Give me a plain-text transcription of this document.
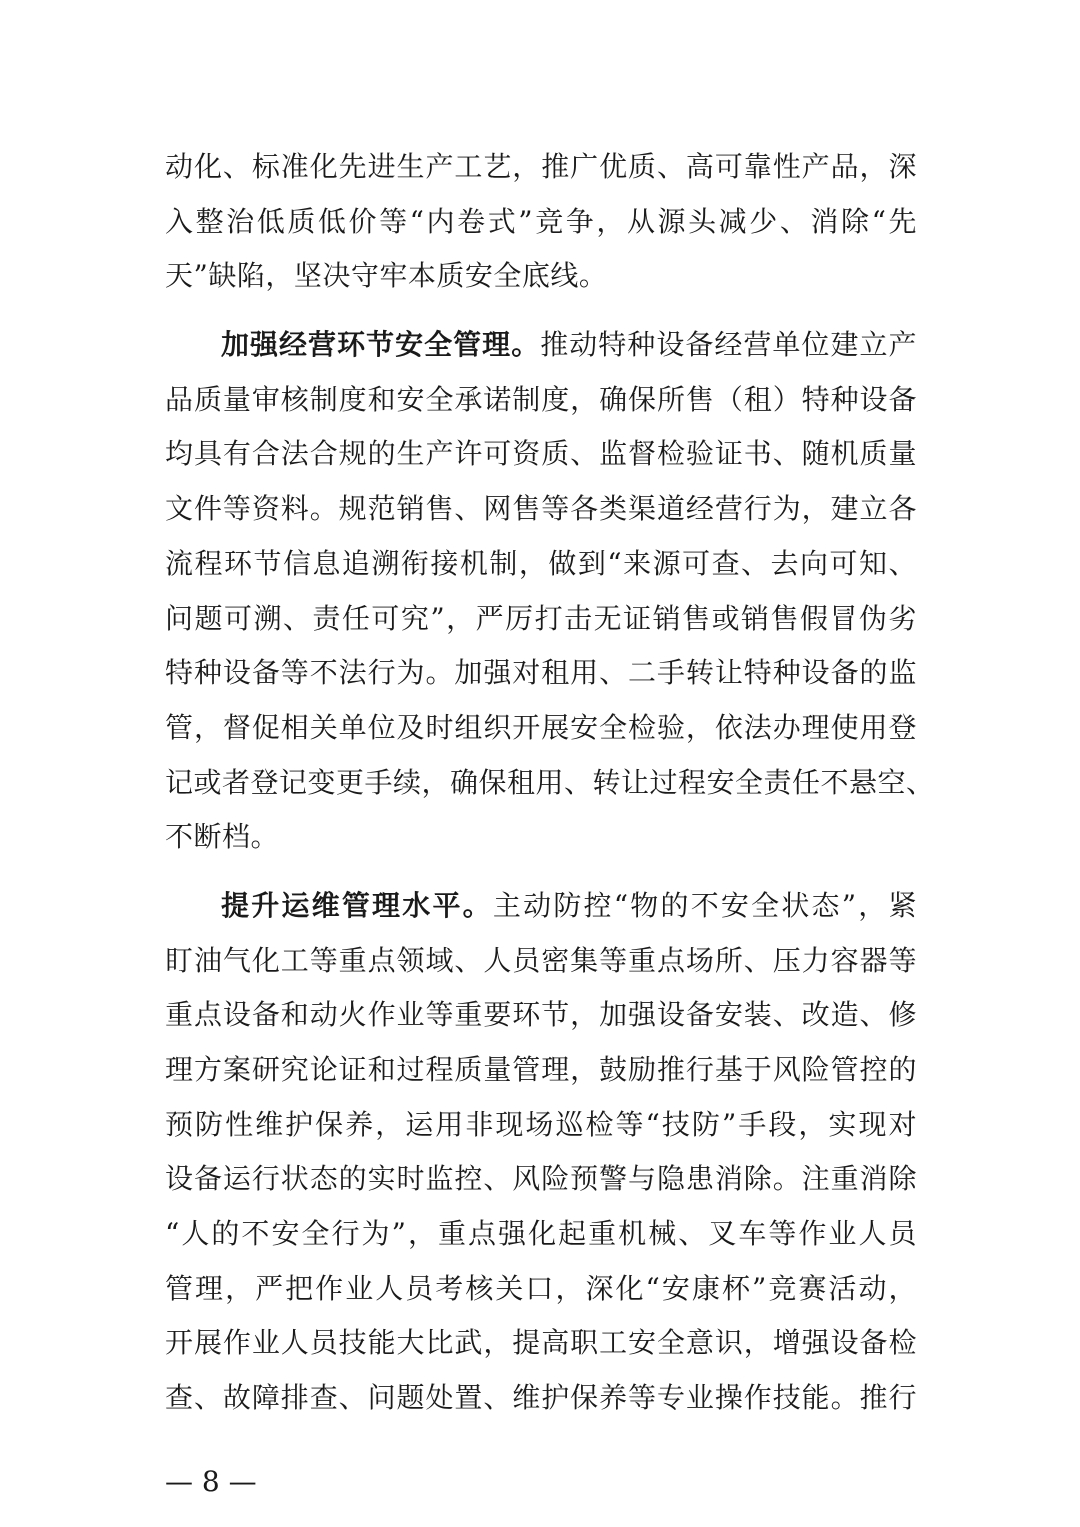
动化、标准化先进生产工艺，推广优质、高可靠性产品，深
入整治低质低价等“内卷式”竞争，从源头减少、消除“先
天”缺陷，坚决守牢本质安全底线。
加强经营环节安全管理。推动特种设备经营单位建立产
品质量审核制度和安全承诺制度，确保所售（租）特种设备
均具有合法合规的生产许可资质、监督检验证书、随机质量
文件等资料。规范销售、网售等各类渠道经营行为，建立各
流程环节信息追溯衔接机制，做到“来源可查、去向可知、
问题可溯、责任可究”，严厉打击无证销售或销售假冒伪劣
特种设备等不法行为。加强对租用、二手转让特种设备的监
管，督促相关单位及时组织开展安全检验，依法办理使用登
记或者登记变更手续，确保租用、转让过程安全责任不悬空、
不断档。
提升运维管理水平。主动防控“物的不安全状态”，紧
盯油气化工等重点领域、人员密集等重点场所、压力容器等
重点设备和动火作业等重要环节，加强设备安装、改造、修
理方案研究论证和过程质量管理，鼓励推行基于风险管控的
预防性维护保养，运用非现场巡检等“技防”手段，实现对
设备运行状态的实时监控、风险预警与隐患消除。注重消除
“人的不安全行为”，重点强化起重机械、叉车等作业人员
管理，严把作业人员考核关口，深化“安康杯”竞赛活动，
开展作业人员技能大比武，提高职工安全意识，增强设备检
查、故障排查、问题处置、维护保养等专业操作技能。推行
— 8 —
